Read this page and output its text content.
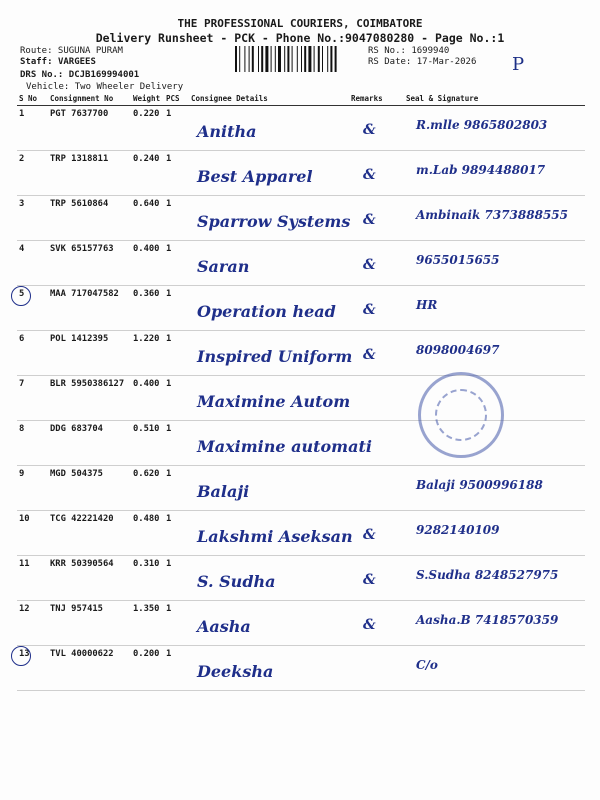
THE PROFESSIONAL COURIERS, COIMBATORE
Delivery Runsheet - PCK - Phone No.:9047080280 - Page No.:1
Route: SUGUNA PURAM
Staff: VARGEES
DRS No.: DCJB169994001
Vehicle: Two Wheeler Delivery
RS No.: 1699940
RS Date: 17-Mar-2026 P
S No	Consignment No	Weight	PCS	Consignee Details	Remarks	Seal & Signature
1	PGT 7637700	0.220	1	Anitha	&	R.mlle 9865802803

2	TRP 1318811	0.240	1	Best Apparel	&	m.Lab 9894488017

3	TRP 5610864	0.640	1	Sparrow Systems	&	Ambinaik 7373888555

4	SVK 65157763	0.400	1	Saran	&	9655015655

5	MAA 717047582	0.360	1	Operation head	&	HR

6	POL 1412395	1.220	1	Inspired Uniform	&	8098004697

7	BLR 5950386127	0.400	1	Maximine Autom		

8	DDG 683704	0.510	1	Maximine automati		

9	MGD 504375	0.620	1	Balaji		Balaji 9500996188

10	TCG 42221420	0.480	1	Lakshmi Aseksan	&	9282140109

11	KRR 50390564	0.310	1	S. Sudha	&	S.Sudha 8248527975

12	TNJ 957415	1.350	1	Aasha	&	Aasha.B 7418570359

13	TVL 40000622	0.200	1	Deeksha		C/o
